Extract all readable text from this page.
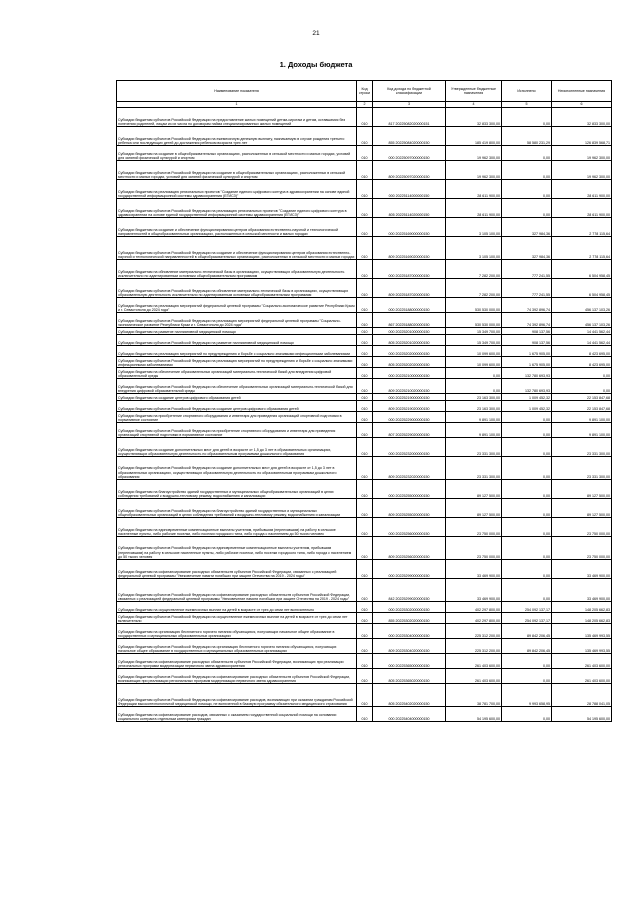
21
1. Доходы бюджета
Наименование показателя	Код строки	Код дохода по бюджетной классификации	Утвержденные бюджетные назначения	Исполнено	Неисполненные назначения
1	2	3	4	5	6
Субсидии бюджетам субъектов Российской Федерации на предоставление жилых помещений детям-сиротам и детям, оставшимся без попечения родителей, лицам из их числа по договорам найма специализированных жилых помещений	010	817 20225082020000151	32 833 300,00	0,00	32 833 300,00
Субсидии бюджетам субъектов Российской Федерации на ежемесячную денежную выплату, назначаемую в случае рождения третьего ребенка или последующих детей до достижения ребенком возраста трех лет	010	855 20225084020000150	185 419 800,00	58 580 231,29	126 839 568,71
Субсидии бюджетам на создание в общеобразовательных организациях, расположенных в сельской местности и малых городах, условий для занятий физической культурой и спортом	010	000 20225097000000150	19 962 300,00	0,00	19 962 300,00
Субсидии бюджетам субъектов Российской Федерации на создание в общеобразовательных организациях, расположенных в сельской местности и малых городах, условий для занятий физической культурой и спортом	010	809 20225097020000150	19 962 300,00	0,00	19 962 300,00
Субсидии бюджетам на реализацию региональных проектов "Создание единого цифрового контура в здравоохранении на основе единой государственной информационной системы здравоохранения (ЕГИСЗ)"	010	000 20225114000000150	28 611 900,00	0,00	28 611 900,00
Субсидии бюджетам субъектов Российской Федерации на реализацию региональных проектов "Создание единого цифрового контура в здравоохранении на основе единой государственной информационной системы здравоохранения (ЕГИСЗ)"	010	805 20225114020000150	28 611 900,00	0,00	28 611 900,00
Субсидии бюджетам на создание и обеспечение функционирования центров образования естественно-научной и технологической направленностей в общеобразовательных организациях, расположенных в сельской местности и малых городах	010	000 20225169000000150	3 105 100,00	327 984,36	2 778 115,64
Субсидии бюджетам субъектов Российской Федерации на создание и обеспечение функционирования центров образования естественно-научной и технологической направленностей в общеобразовательных организациях, расположенных в сельской местности и малых городах	010	809 20225169020000150	3 105 100,00	327 984,36	2 778 115,64
Субсидии бюджетам на обновление материально-технической базы в организациях, осуществляющих образовательную деятельность исключительно по адаптированным основным общеобразовательным программам	010	000 20225187000000150	7 282 200,00	777 241,55	6 504 958,45
Субсидии бюджетам субъектов Российской Федерации на обновление материально-технической базы в организациях, осуществляющих образовательную деятельность исключительно по адаптированным основным общеобразовательным программам	010	809 20225187020000150	7 282 200,00	777 241,55	6 504 958,45
Субсидии бюджетам на реализацию мероприятий федеральной целевой программы "Социально-экономическое развитие Республики Крым и г. Севастополя до 2024 года"	010	000 20225188000000150	530 530 000,00	74 392 896,74	456 137 103,26
Субсидии бюджетам субъектов Российской Федерации на реализацию мероприятий федеральной целевой программы "Социально-экономическое развитие Республики Крым и г. Севастополя до 2024 года"	010	867 20225188020000150	530 530 000,00	74 392 896,74	456 137 103,26
Субсидии бюджетам на развитие паллиативной медицинской помощи	010	000 20225201000000150	15 349 700,00	908 137,56	14 441 562,44
Субсидии бюджетам субъектов Российской Федерации на развитие паллиативной медицинской помощи	010	805 20225201020000150	15 349 700,00	908 137,56	14 441 562,44
Субсидии бюджетам на реализацию мероприятий по предупреждению и борьбе с социально значимыми инфекционными заболеваниями	010	000 20225202000000150	10 099 600,00	1 675 905,00	8 423 695,00
Субсидии бюджетам субъектов Российской Федерации на реализацию мероприятий по предупреждению и борьбе с социально значимыми инфекционными заболеваниями	010	805 20225202020000150	10 099 600,00	1 675 905,00	8 423 695,00
Субсидии бюджетам на обеспечение образовательных организаций материально-технической базой для внедрения цифровой образовательной среды	010	000 20225210000000150	0,00	132 780 693,93	0,00
Субсидии бюджетам субъектов Российской Федерации на обеспечение образовательных организаций материально-технической базой для внедрения цифровой образовательной среды	010	809 20225210020000150	0,00	132 780 693,93	0,00
Субсидии бюджетам на создание центров цифрового образования детей	010	000 20225219000000150	23 163 300,00	1 009 452,32	22 153 847,68
Субсидии бюджетам субъектов Российской Федерации на создание центров цифрового образования детей	010	809 20225219020000150	23 163 300,00	1 009 452,32	22 153 847,68
Субсидии бюджетам на приобретение спортивного оборудования и инвентаря для приведения организаций спортивной подготовки в нормативное состояние	010	000 20225229000000150	9 891 100,00	0,00	9 891 100,00
Субсидии бюджетам субъектов Российской Федерации на приобретение спортивного оборудования и инвентаря для приведения организаций спортивной подготовки в нормативное состояние	010	807 20225229020000150	9 891 100,00	0,00	9 891 100,00
Субсидии бюджетам на создание дополнительных мест для детей в возрасте от 1,5 до 3 лет в образовательных организациях, осуществляющих образовательную деятельность по образовательным программам дошкольного образования	010	000 20225232000000150	23 331 300,00	0,00	23 331 300,00
Субсидии бюджетам субъектов Российской Федерации на создание дополнительных мест для детей в возрасте от 1,5 до 3 лет в образовательных организациях, осуществляющих образовательную деятельность по образовательным программам дошкольного образования	010	809 20225232020000150	23 331 300,00	0,00	23 331 300,00
Субсидии бюджетам на благоустройство зданий государственных и муниципальных общеобразовательных организаций в целях соблюдения требований к воздушно-тепловому режиму, водоснабжению и канализации	010	000 20225255000000150	89 127 500,00	0,00	89 127 500,00
Субсидии бюджетам субъектов Российской Федерации на благоустройство зданий государственных и муниципальных общеобразовательных организаций в целях соблюдения требований к воздушно-тепловому режиму, водоснабжению и канализации	010	809 20225255020000150	89 127 500,00	0,00	89 127 500,00
Субсидии бюджетам на единовременные компенсационные выплаты учителям, прибывшим (переехавшим) на работу в сельские населенные пункты, либо рабочие поселки, либо поселки городского типа, либо города с населением до 50 тысяч человек	010	000 20225256000000150	23 750 000,00	0,00	23 750 000,00
Субсидии бюджетам субъектов Российской Федерации на единовременные компенсационные выплаты учителям, прибывшим (переехавшим) на работу в сельские населенные пункты, либо рабочие поселки, либо поселки городского типа, либо города с населением до 50 тысяч человек	010	809 20225256020000150	23 750 000,00	0,00	23 750 000,00
Субсидии бюджетам на софинансирование расходных обязательств субъектов Российской Федерации, связанных с реализацией федеральной целевой программы "Увековечение памяти погибших при защите Отечества на 2019 - 2024 годы"	010	000 20225299000000150	33 469 900,00	0,00	33 469 900,00
Субсидии бюджетам субъектов Российской Федерации на софинансирование расходных обязательств субъектов Российской Федерации, связанных с реализацией федеральной целевой программы "Увековечение памяти погибших при защите Отечества на 2019 - 2024 годы"	010	842 20225299020000150	33 469 900,00	0,00	33 469 900,00
Субсидии бюджетам на осуществление ежемесячных выплат на детей в возрасте от трех до семи лет включительно	010	000 20225302000000150	402 297 800,00	254 092 137,17	148 205 662,83
Субсидии бюджетам субъектов Российской Федерации на осуществление ежемесячных выплат на детей в возрасте от трех до семи лет включительно	010	855 20225302020000150	402 297 800,00	254 092 137,17	148 205 662,83
Субсидии бюджетам на организацию бесплатного горячего питания обучающихся, получающих начальное общее образование в государственных и муниципальных образовательных организациях	010	000 20225304000000150	225 312 200,00	89 842 206,45	135 469 993,55
Субсидии бюджетам субъектов Российской Федерации на организацию бесплатного горячего питания обучающихся, получающих начальное общее образование в государственных и муниципальных образовательных организациях	010	809 20225304020000150	225 312 200,00	89 842 206,45	135 469 993,55
Субсидии бюджетам на софинансирование расходных обязательств субъектов Российской Федерации, возникающих при реализации региональных программ модернизации первичного звена здравоохранения	010	000 20225365000000150	261 403 600,00	0,00	261 403 600,00
Субсидии бюджетам субъектов Российской Федерации на софинансирование расходных обязательств субъектов Российской Федерации, возникающих при реализации региональных программ модернизации первичного звена здравоохранения	010	805 20225365020000150	261 403 600,00	0,00	261 403 600,00
Субсидии бюджетам субъектов Российской Федерации на софинансирование расходов, возникающих при оказании гражданам Российской Федерации высокотехнологичной медицинской помощи, не включенной в базовую программу обязательного медицинского страхования	010	805 20225402020000150	38 781 700,00	9 993 658,95	28 788 041,05
Субсидии бюджетам на софинансирование расходов, связанных с оказанием государственной социальной помощи на основании социального контракта отдельным категориям граждан	010	000 20225404000000150	54 195 600,00	0,00	54 195 600,00
